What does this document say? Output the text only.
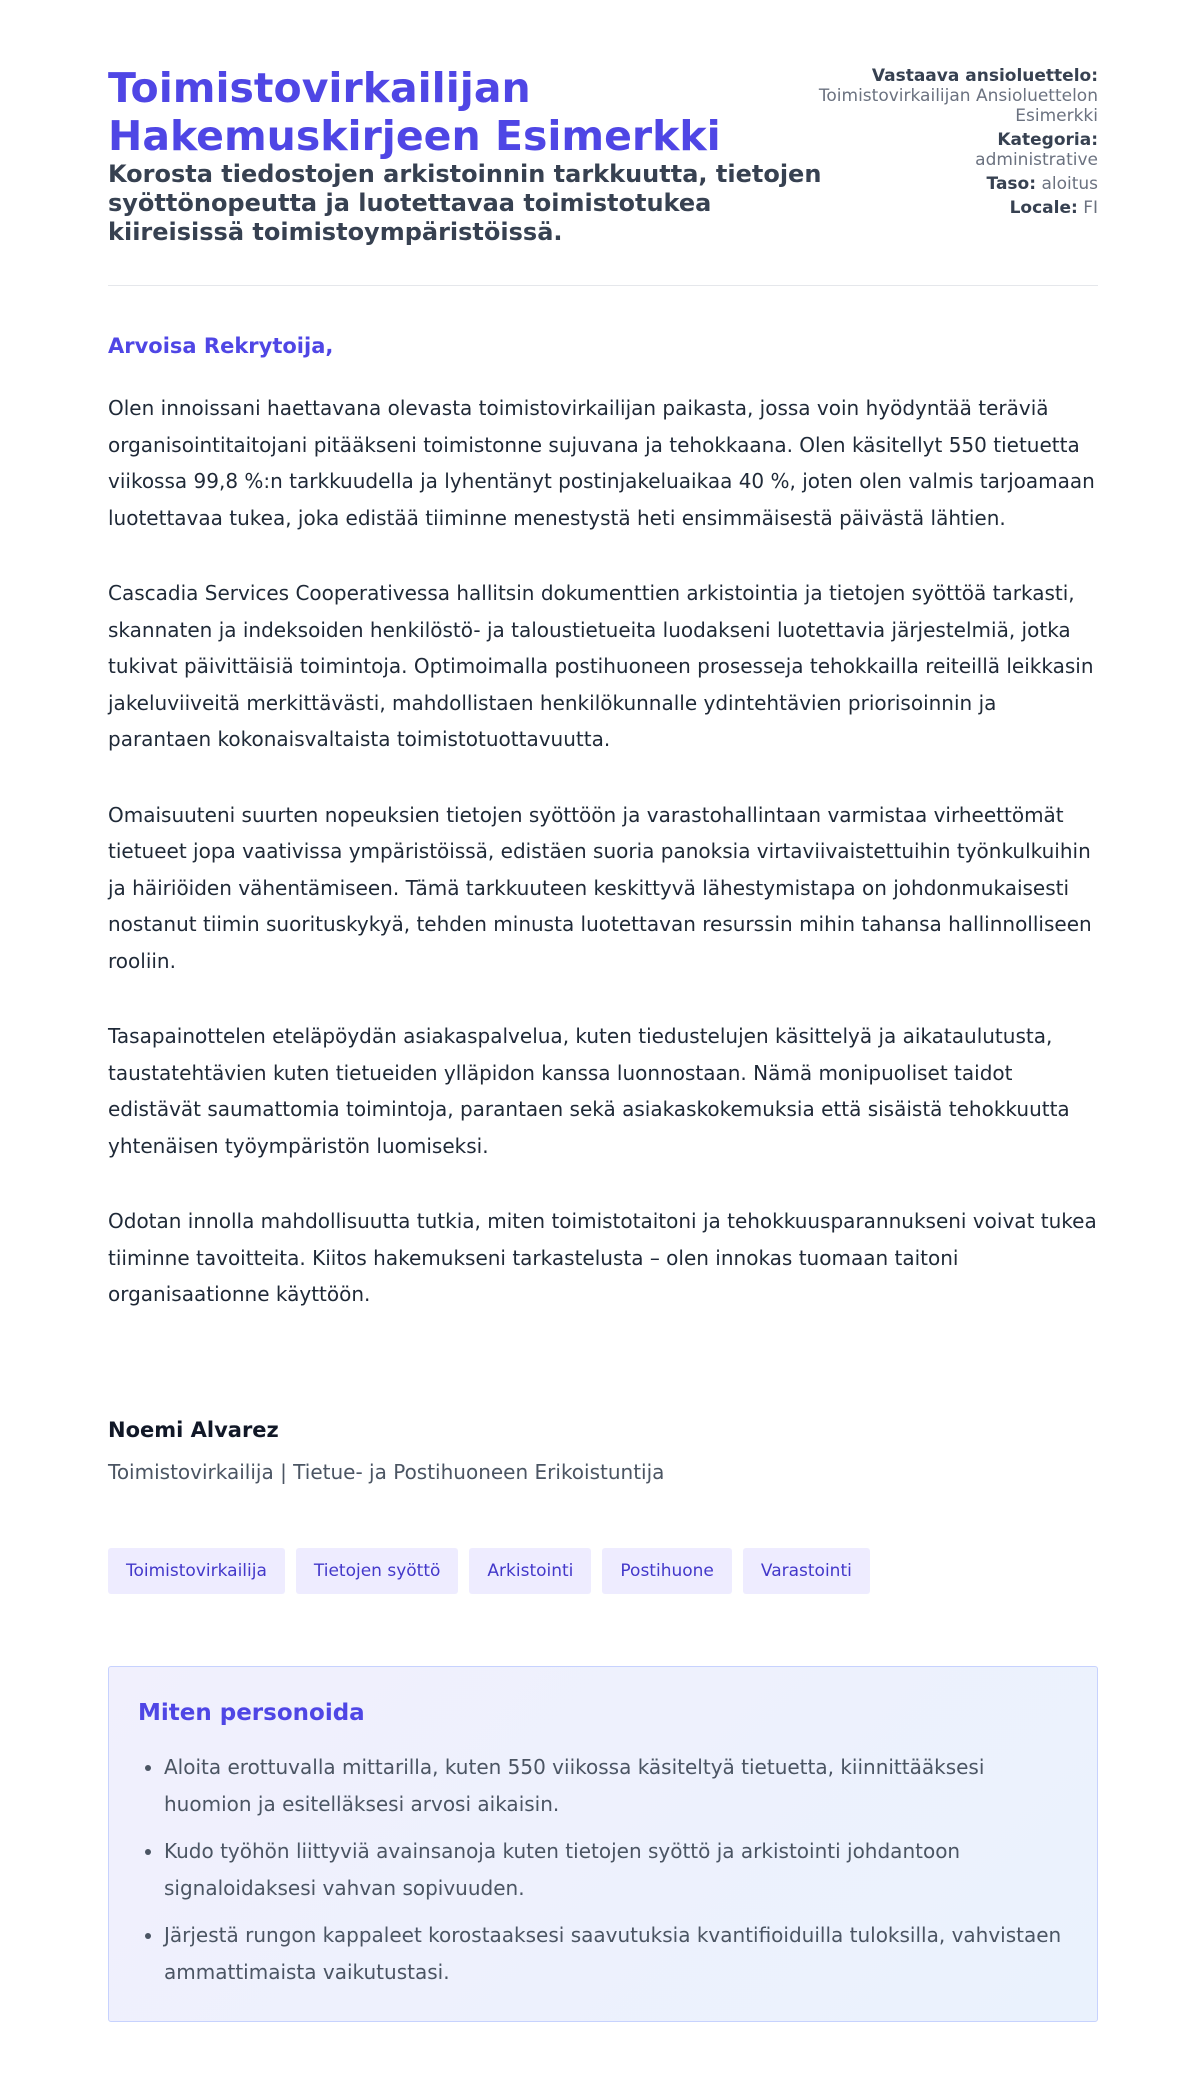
Toimistovirkailijan Hakemuskirjeen Esimerkki
Korosta tiedostojen arkistoinnin tarkkuutta, tietojen syöttönopeutta ja luotettavaa toimistotukea kiireisissä toimistoympäristöissä.
Vastaava ansioluettelo:
Toimistovirkailijan Ansioluettelon Esimerkki
Kategoria:
administrative
Taso: aloitus
Locale: FI
Arvoisa Rekrytoija,

Olen innoissani haettavana olevasta toimistovirkailijan paikasta, jossa voin hyödyntää teräviä organisointitaitojani pitääkseni toimistonne sujuvana ja tehokkaana. Olen käsitellyt 550 tietuetta viikossa 99,8 %:n tarkkuudella ja lyhentänyt postinjakeluaikaa 40 %, joten olen valmis tarjoamaan luotettavaa tukea, joka edistää tiiminne menestystä heti ensimmäisestä päivästä lähtien.

Cascadia Services Cooperativessa hallitsin dokumenttien arkistointia ja tietojen syöttöä tarkasti, skannaten ja indeksoiden henkilöstö- ja taloustietueita luodakseni luotettavia järjestelmiä, jotka tukivat päivittäisiä toimintoja. Optimoimalla postihuoneen prosesseja tehokkailla reiteillä leikkasin jakeluviiveitä merkittävästi, mahdollistaen henkilökunnalle ydintehtävien priorisoinnin ja parantaen kokonaisvaltaista toimistotuottavuutta.

Omaisuuteni suurten nopeuksien tietojen syöttöön ja varastohallintaan varmistaa virheettömät tietueet jopa vaativissa ympäristöissä, edistäen suoria panoksia virtaviivaistettuihin työnkulkuihin ja häiriöiden vähentämiseen. Tämä tarkkuuteen keskittyvä lähestymistapa on johdonmukaisesti nostanut tiimin suorituskykyä, tehden minusta luotettavan resurssin mihin tahansa hallinnolliseen rooliin.

Tasapainottelen eteläpöydän asiakaspalvelua, kuten tiedustelujen käsittelyä ja aikataulutusta, taustatehtävien kuten tietueiden ylläpidon kanssa luonnostaan. Nämä monipuoliset taidot edistävät saumattomia toimintoja, parantaen sekä asiakaskokemuksia että sisäistä tehokkuutta yhtenäisen työympäristön luomiseksi.

Odotan innolla mahdollisuutta tutkia, miten toimistotaitoni ja tehokkuusparannukseni voivat tukea tiiminne tavoitteita. Kiitos hakemukseni tarkastelusta – olen innokas tuomaan taitoni organisaationne käyttöön.

Noemi Alvarez
Toimistovirkailija | Tietue- ja Postihuoneen Erikoistuntija
Toimistovirkailija	Tietojen syöttö	Arkistointi	Postihuone	Varastointi
Miten personoida
• Aloita erottuvalla mittarilla, kuten 550 viikossa käsiteltyä tietuetta, kiinnittääksesi huomion ja esitelläksesi arvosi aikaisin.
• Kudo työhön liittyviä avainsanoja kuten tietojen syöttö ja arkistointi johdantoon signaloidaksesi vahvan sopivuuden.
• Järjestä rungon kappaleet korostaaksesi saavutuksia kvantifioiduilla tuloksilla, vahvistaen ammattimaista vaikutustasi.
